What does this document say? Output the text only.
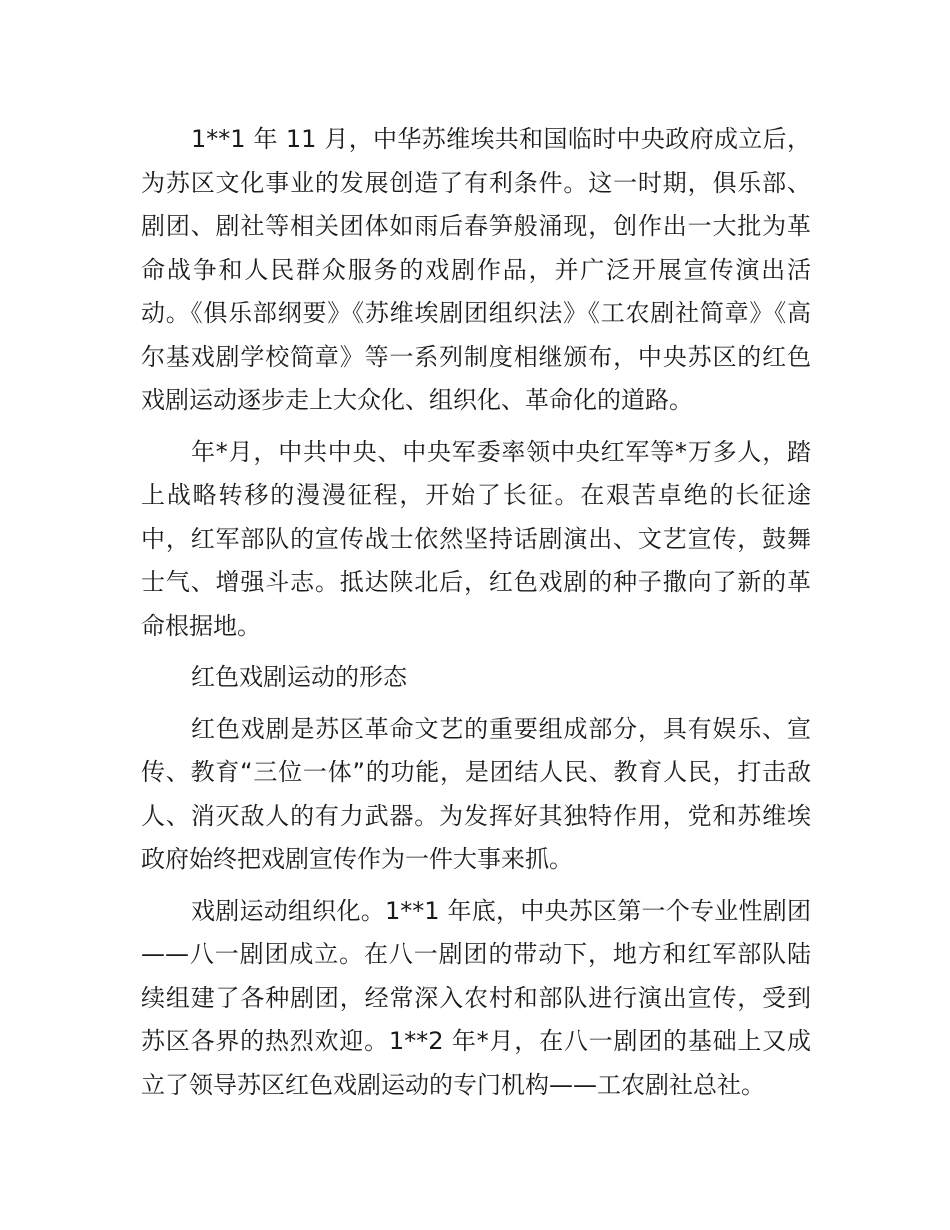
1**1 年 11 月，中华苏维埃共和国临时中央政府成立后，为苏区文化事业的发展创造了有利条件。这一时期，俱乐部、剧团、剧社等相关团体如雨后春笋般涌现，创作出一大批为革命战争和人民群众服务的戏剧作品，并广泛开展宣传演出活动。《俱乐部纲要》《苏维埃剧团组织法》《工农剧社简章》《高尔基戏剧学校简章》等一系列制度相继颁布，中央苏区的红色戏剧运动逐步走上大众化、组织化、革命化的道路。

年*月，中共中央、中央军委率领中央红军等*万多人，踏上战略转移的漫漫征程，开始了长征。在艰苦卓绝的长征途中，红军部队的宣传战士依然坚持话剧演出、文艺宣传，鼓舞士气、增强斗志。抵达陕北后，红色戏剧的种子撒向了新的革命根据地。

红色戏剧运动的形态

红色戏剧是苏区革命文艺的重要组成部分，具有娱乐、宣传、教育“三位一体”的功能，是团结人民、教育人民，打击敌人、消灭敌人的有力武器。为发挥好其独特作用，党和苏维埃政府始终把戏剧宣传作为一件大事来抓。

戏剧运动组织化。1**1 年底，中央苏区第一个专业性剧团——八一剧团成立。在八一剧团的带动下，地方和红军部队陆续组建了各种剧团，经常深入农村和部队进行演出宣传，受到苏区各界的热烈欢迎。1**2 年*月，在八一剧团的基础上又成立了领导苏区红色戏剧运动的专门机构——工农剧社总社。
